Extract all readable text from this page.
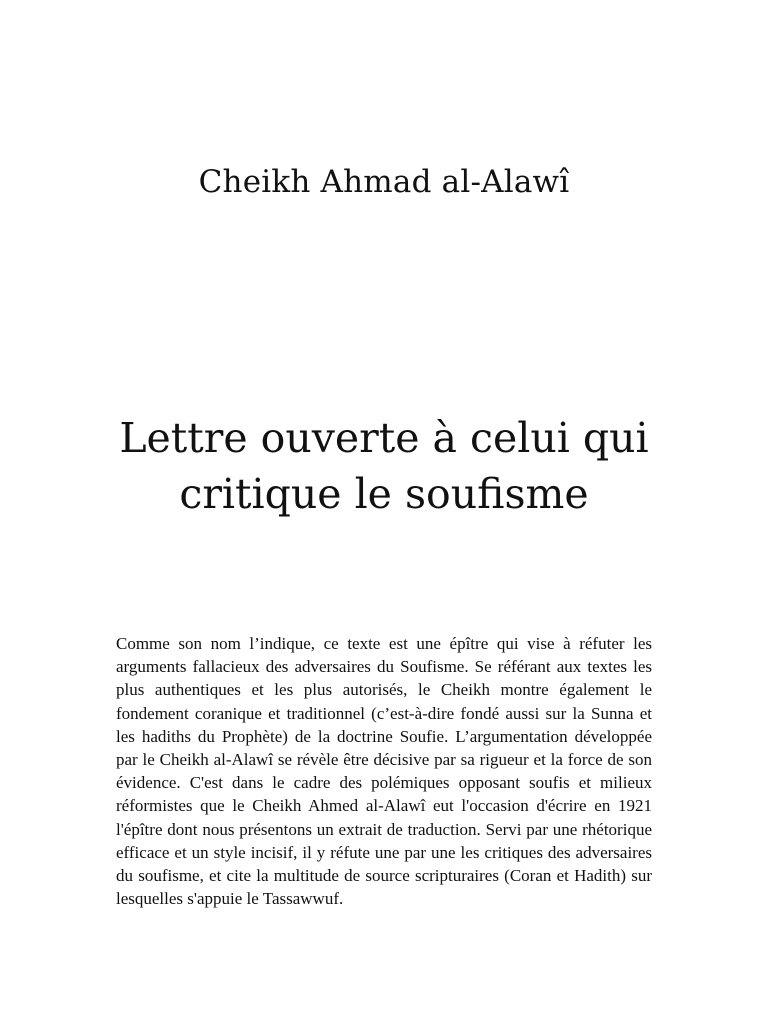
Cheikh Ahmad al-Alawî
Lettre ouverte à celui qui
critique le soufisme

Comme son nom l’indique, ce texte est une épître qui vise à réfuter les arguments fallacieux des adversaires du Soufisme. Se référant aux textes les plus authentiques et les plus autorisés, le Cheikh montre également le fondement coranique et traditionnel (c’est-à-dire fondé aussi sur la Sunna et les hadiths du Prophète) de la doctrine Soufie. L’argumentation développée par le Cheikh al-Alawî se révèle être décisive par sa rigueur et la force de son évidence. C'est dans le cadre des polémiques opposant soufis et milieux réformistes que le Cheikh Ahmed al-Alawî eut l'occasion d'écrire en 1921 l'épître dont nous présentons un extrait de traduction. Servi par une rhétorique efficace et un style incisif, il y réfute une par une les critiques des adversaires du soufisme, et cite la multitude de source scripturaires (Coran et Hadith) sur lesquelles s'appuie le Tassawwuf.
